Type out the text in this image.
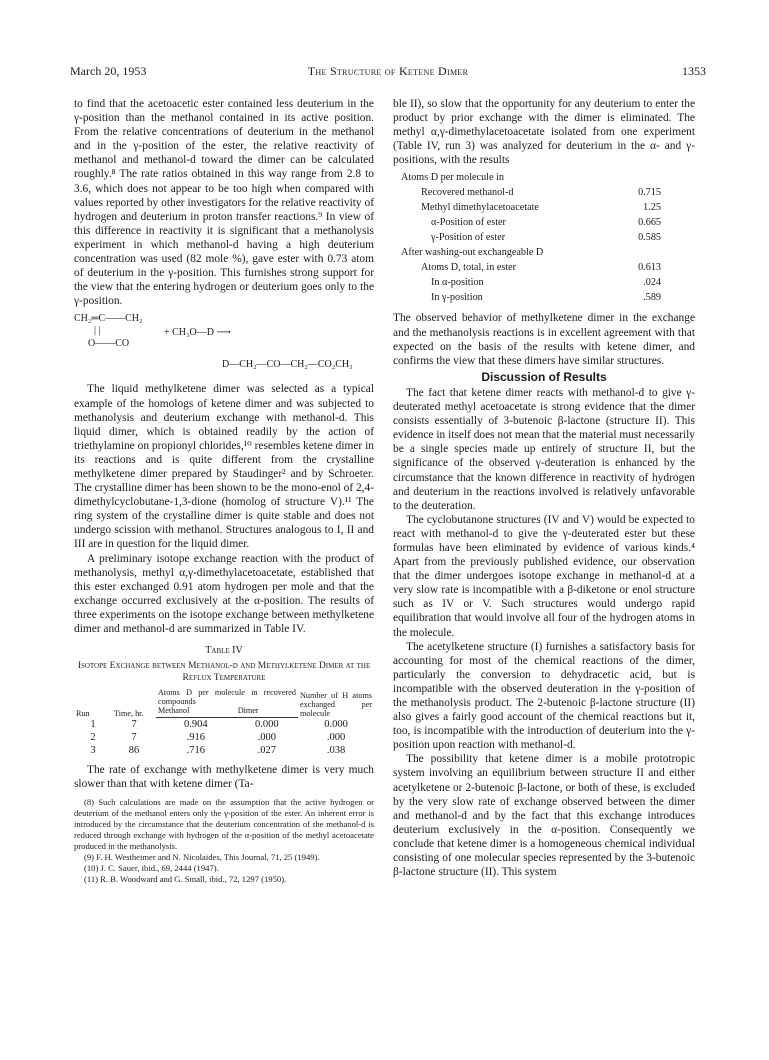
March 20, 1953	The Structure of Ketene Dimer	1353

to find that the acetoacetic ester contained less deuterium in the γ-position than the methanol contained in its active position. From the relative concentrations of deuterium in the methanol and in the γ-position of the ester, the relative reactivity of methanol and methanol-d toward the dimer can be calculated roughly.⁸ The rate ratios obtained in this way range from 2.8 to 3.6, which does not appear to be too high when compared with values reported by other investigators for the relative reactivity of hydrogen and deuterium in proton transfer reactions.⁹ In view of this difference in reactivity it is significant that a methanolysis experiment in which methanol-d having a high deuterium concentration was used (82 mole %), gave ester with 0.73 atom of deuterium in the γ-position. This furnishes strong support for the view that the entering hydrogen or deuterium goes only to the γ-position.

CH₂═C——CH₂
| |	+ CH₃O—D ⟶
O——CO
D—CH₂—CO—CH₂—CO₂CH₃

The liquid methylketene dimer was selected as a typical example of the homologs of ketene dimer and was subjected to methanolysis and deuterium exchange with methanol-d. This liquid dimer, which is obtained readily by the action of triethylamine on propionyl chlorides,¹⁰ resembles ketene dimer in its reactions and is quite different from the crystalline methylketene dimer prepared by Staudinger² and by Schroeter. The crystalline dimer has been shown to be the mono-enol of 2,4-dimethylcyclobutane-1,3-dione (homolog of structure V).¹¹ The ring system of the crystalline dimer is quite stable and does not undergo scission with methanol. Structures analogous to I, II and III are in question for the liquid dimer.

A preliminary isotope exchange reaction with the product of methanolysis, methyl α,γ-dimethylacetoacetate, established that this ester exchanged 0.91 atom hydrogen per mole and that the exchange occurred exclusively at the α-position. The results of three experiments on the isotope exchange between methylketene dimer and methanol-d are summarized in Table IV.

Table IV
Isotope Exchange between Methanol-d and Methylketene Dimer at the Reflux Temperature
Run	Time, hr.	Atoms D per molecule in recovered compounds		Number of H atoms exchanged per molecule
		Methanol	Dimer	
1	7	0.904	0.000	0.000
2	7	.916	.000	.000
3	86	.716	.027	.038

The rate of exchange with methylketene dimer is very much slower than that with ketene dimer (Ta-

(8) Such calculations are made on the assumption that the active hydrogen or deuterium of the methanol enters only the γ-position of the ester. An inherent error is introduced by the circumstance that the deuterium concentration of the methanol-d is reduced through exchange with hydrogen of the α-position of the methyl acetoacetate produced in the methanolysis.

(9) F. H. Westheimer and N. Nicolaides, This Journal, 71, 25 (1949).

(10) J. C. Sauer, ibid., 69, 2444 (1947).

(11) R. B. Woodward and G. Small, ibid., 72, 1297 (1950).

ble II), so slow that the opportunity for any deuterium to enter the product by prior exchange with the dimer is eliminated. The methyl α,γ-dimethylacetoacetate isolated from one experiment (Table IV, run 3) was analyzed for deuterium in the α- and γ-positions, with the results

Atoms D per molecule in
Recovered methanol-d	0.715
Methyl dimethylacetoacetate	1.25
α-Position of ester	0.665
γ-Position of ester	0.585
After washing-out exchangeable D
Atoms D, total, in ester	0.613
In α-position	.024
In γ-position	.589

The observed behavior of methylketene dimer in the exchange and the methanolysis reactions is in excellent agreement with that expected on the basis of the results with ketene dimer, and confirms the view that these dimers have similar structures.

Discussion of Results

The fact that ketene dimer reacts with methanol-d to give γ-deuterated methyl acetoacetate is strong evidence that the dimer consists essentially of 3-butenoic β-lactone (structure II). This evidence in itself does not mean that the material must necessarily be a single species made up entirely of structure II, but the significance of the observed γ-deuteration is enhanced by the circumstance that the known difference in reactivity of hydrogen and deuterium in the reactions involved is relatively unfavorable to the deuteration.

The cyclobutanone structures (IV and V) would be expected to react with methanol-d to give the γ-deuterated ester but these formulas have been eliminated by evidence of various kinds.⁴ Apart from the previously published evidence, our observation that the dimer undergoes isotope exchange in methanol-d at a very slow rate is incompatible with a β-diketone or enol structure such as IV or V. Such structures would undergo rapid equilibration that would involve all four of the hydrogen atoms in the molecule.

The acetylketene structure (I) furnishes a satisfactory basis for accounting for most of the chemical reactions of the dimer, particularly the conversion to dehydracetic acid, but is incompatible with the observed deuteration in the γ-position of the methanolysis product. The 2-butenoic β-lactone structure (II) also gives a fairly good account of the chemical reactions but it, too, is incompatible with the introduction of deuterium into the γ-position upon reaction with methanol-d.

The possibility that ketene dimer is a mobile prototropic system involving an equilibrium between structure II and either acetylketene or 2-butenoic β-lactone, or both of these, is excluded by the very slow rate of exchange observed between the dimer and methanol-d and by the fact that this exchange introduces deuterium exclusively in the α-position. Consequently we conclude that ketene dimer is a homogeneous chemical individual consisting of one molecular species represented by the 3-butenoic β-lactone structure (II). This system
